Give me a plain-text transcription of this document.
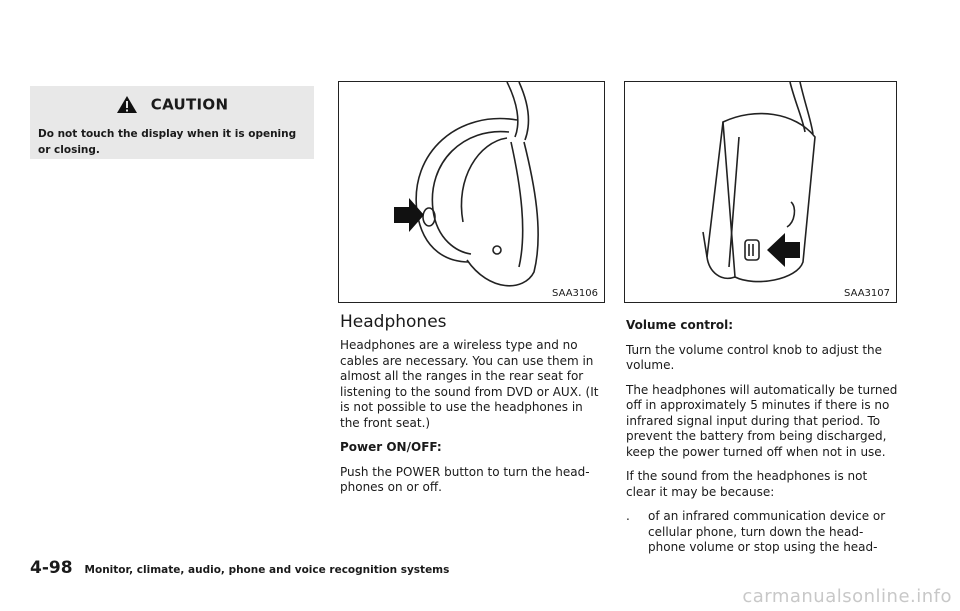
CAUTION
Do not touch the display when it is opening or closing.
SAA3106	SAA3107
Headphones

Headphones are a wireless type and no cables are necessary. You can use them in almost all the ranges in the rear seat for listening to the sound from DVD or AUX. (It is not possible to use the headphones in the front seat.)

Power ON/OFF:

Push the POWER button to turn the head-phones on or off.

Volume control:

Turn the volume control knob to adjust the volume.

The headphones will automatically be turned off in approximately 5 minutes if there is no infrared signal input during that period. To prevent the battery from being discharged, keep the power turned off when not in use.

If the sound from the headphones is not clear it may be because:

.	of an infrared communication device or cellular phone, turn down the head-phone volume or stop using the head-
4-98 Monitor, climate, audio, phone and voice recognition systems
carmanualsonline.info
